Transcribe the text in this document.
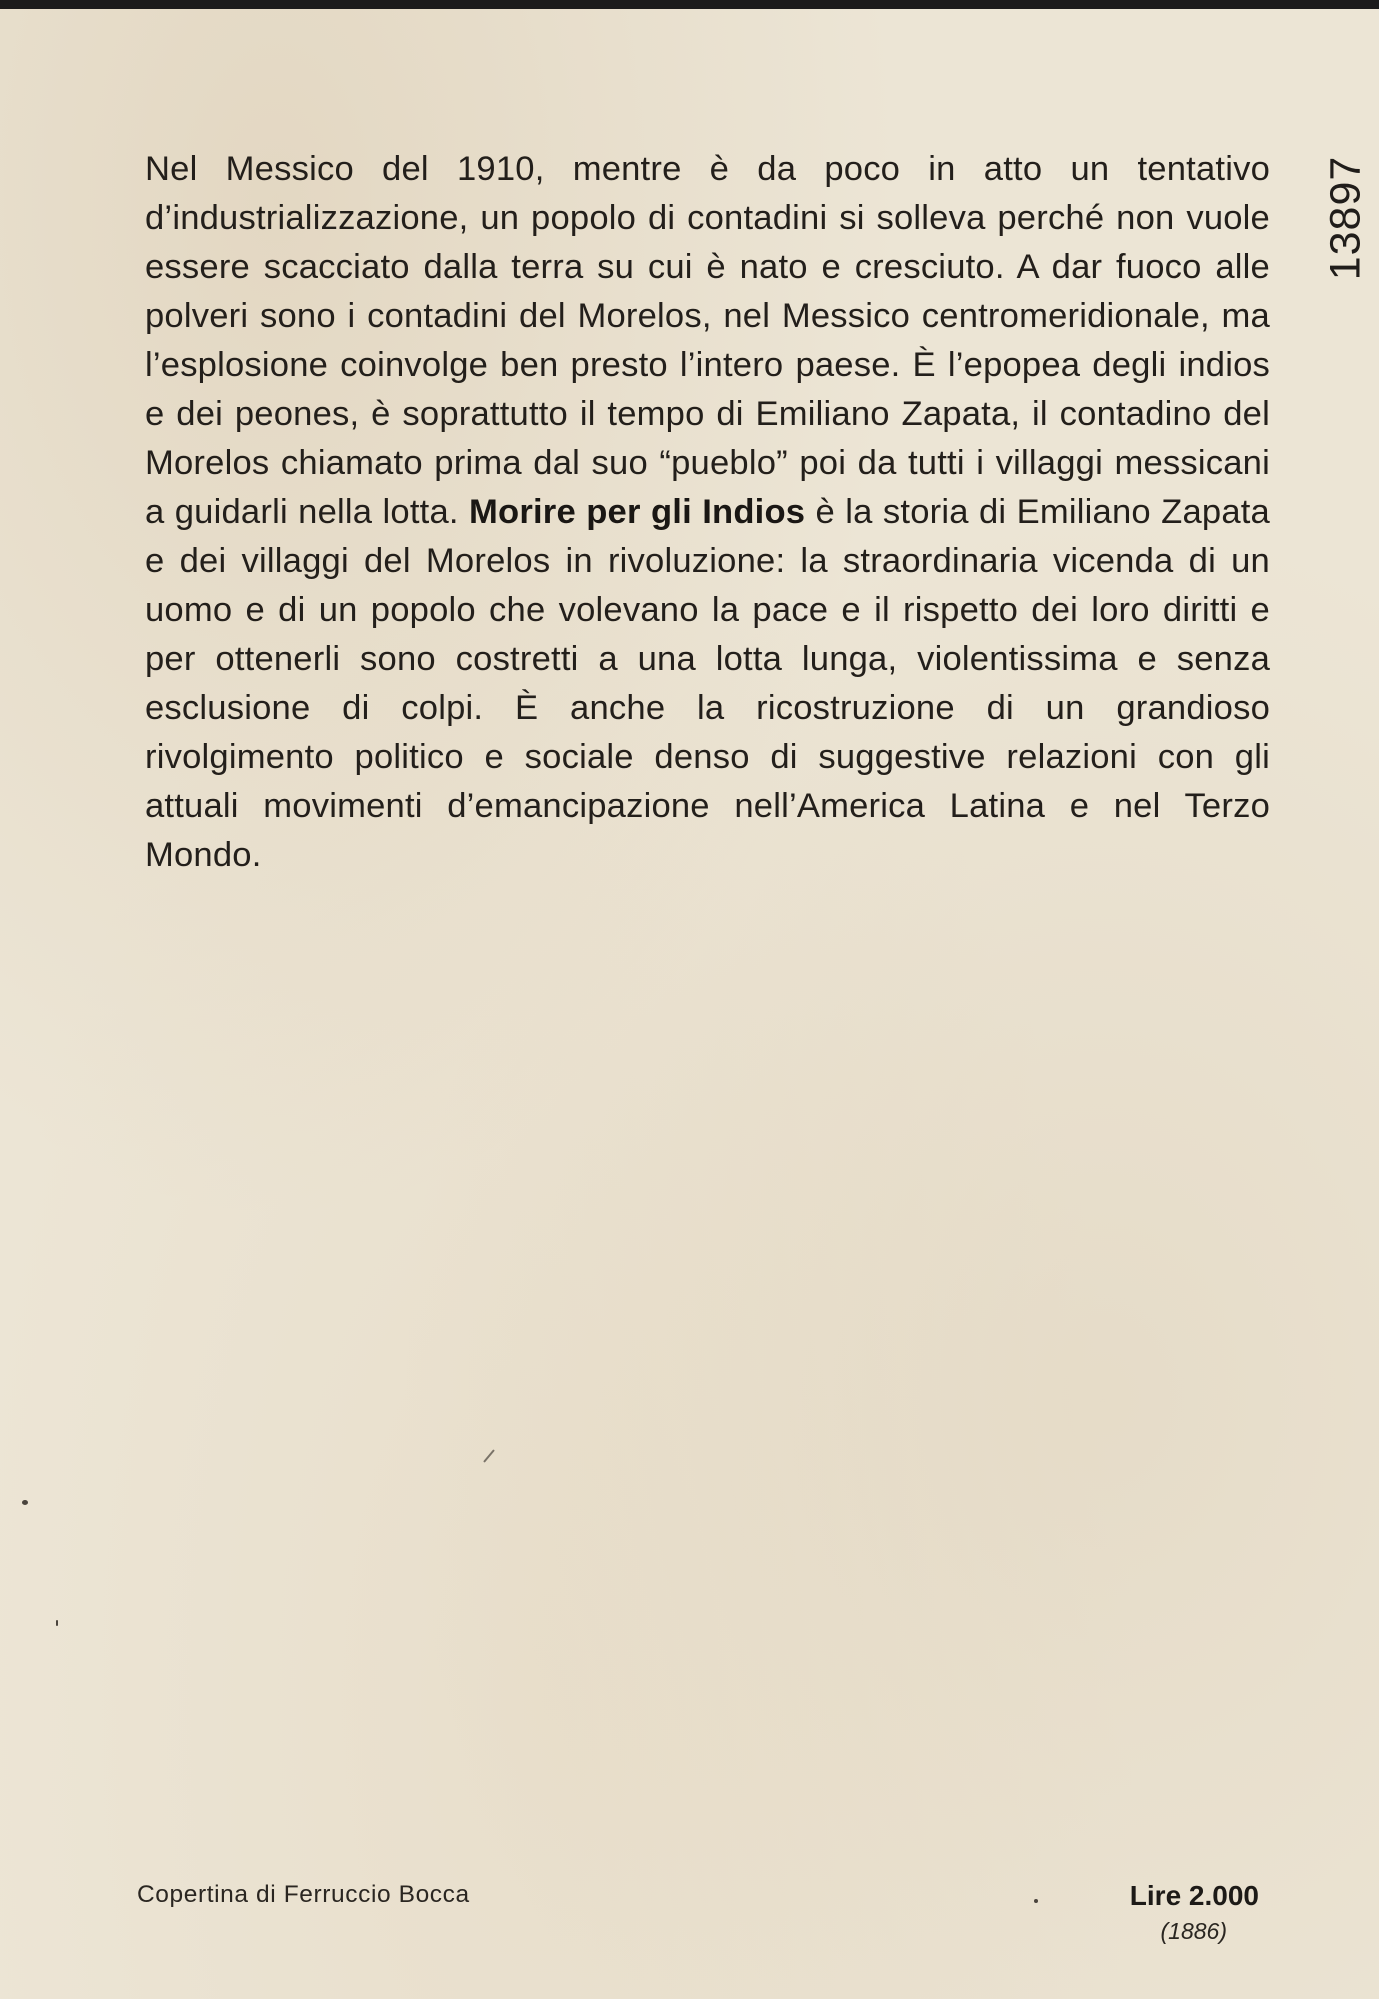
Nel Messico del 1910, mentre è da poco in atto un tentativo d’industrializzazione, un popolo di contadini si solleva perché non vuole essere scacciato dalla terra su cui è nato e cresciuto. A dar fuoco alle polveri sono i contadini del Morelos, nel Messico centromeridionale, ma l’esplosione coinvolge ben presto l’intero paese. È l’epopea degli indios e dei peones, è soprattutto il tempo di Emiliano Zapata, il contadino del Morelos chiamato prima dal suo “pueblo” poi da tutti i villaggi messicani a guidarli nella lotta. Morire per gli Indios è la storia di Emiliano Zapata e dei villaggi del Morelos in rivoluzione: la straordinaria vicenda di un uomo e di un popolo che volevano la pace e il rispetto dei loro diritti e per ottenerli sono costretti a una lotta lunga, violentissima e senza esclusione di colpi. È anche la ricostruzione di un grandioso rivolgimento politico e sociale denso di suggestive relazioni con gli attuali movimenti d’emancipazione nell’America Latina e nel Terzo Mondo.

13897
Copertina di Ferruccio Bocca	Lire 2.000
(1886)
